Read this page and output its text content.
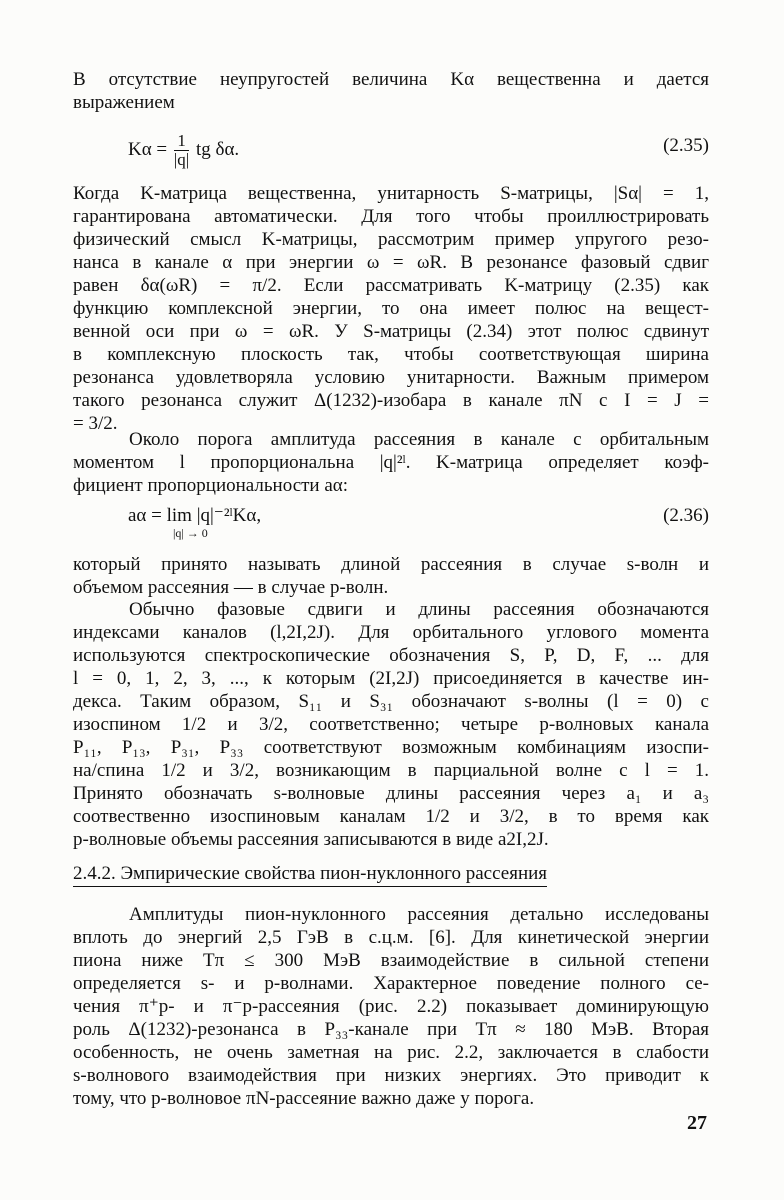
В отсутствие неупругостей величина Kα вещественна и дается
выражением
$K\alpha = \frac{1}{|q|}$ tg δα.	(2.35)
Когда K-матрица вещественна, унитарность S-матрицы, |Sα| = 1,
гарантирована автоматически. Для того чтобы проиллюстрировать
физический смысл K-матрицы, рассмотрим пример упругого резо-
нанса в канале α при энергии ω = ωR. В резонансе фазовый сдвиг
равен δα(ωR) = π/2. Если рассматривать K-матрицу (2.35) как
функцию комплексной энергии, то она имеет полюс на вещест-
венной оси при ω = ωR. У S-матрицы (2.34) этот полюс сдвинут
в комплексную плоскость так, чтобы соответствующая ширина
резонанса удовлетворяла условию унитарности. Важным примером
такого резонанса служит Δ(1232)-изобара в канале πN с I = J =
= 3/2.
Около порога амплитуда рассеяния в канале с орбитальным
моментом l пропорциональна |q|²ˡ. K-матрица определяет коэф-
фициент пропорциональности aα:
aα = lim |q|⁻²ˡKα,
|q| → 0
(2.36)
который принято называть длиной рассеяния в случае s-волн и
объемом рассеяния — в случае p-волн.
Обычно фазовые сдвиги и длины рассеяния обозначаются
индексами каналов (l,2I,2J). Для орбитального углового момента
используются спектроскопические обозначения S, P, D, F, ... для
l = 0, 1, 2, 3, ..., к которым (2I,2J) присоединяется в качестве ин-
декса. Таким образом, S₁₁ и S₃₁ обозначают s-волны (l = 0) с
изоспином 1/2 и 3/2, соответственно; четыре p-волновых канала
P₁₁, P₁₃, P₃₁, P₃₃ соответствуют возможным комбинациям изоспи-
на/спина 1/2 и 3/2, возникающим в парциальной волне с l = 1.
Принято обозначать s-волновые длины рассеяния через a₁ и a₃
соотвественно изоспиновым каналам 1/2 и 3/2, в то время как
p-волновые объемы рассеяния записываются в виде a2I,2J.
2.4.2. Эмпирические свойства пион-нуклонного рассеяния
Амплитуды пион-нуклонного рассеяния детально исследованы
вплоть до энергий 2,5 ГэВ в с.ц.м. [6]. Для кинетической энергии
пиона ниже Tπ ≤ 300 МэВ взаимодействие в сильной степени
определяется s- и p-волнами. Характерное поведение полного се-
чения π⁺p- и π⁻p-рассеяния (рис. 2.2) показывает доминирующую
роль Δ(1232)-резонанса в P₃₃-канале при Tπ ≈ 180 МэВ. Вторая
особенность, не очень заметная на рис. 2.2, заключается в слабости
s-волнового взаимодействия при низких энергиях. Это приводит к
тому, что p-волновое πN-рассеяние важно даже у порога.
27
